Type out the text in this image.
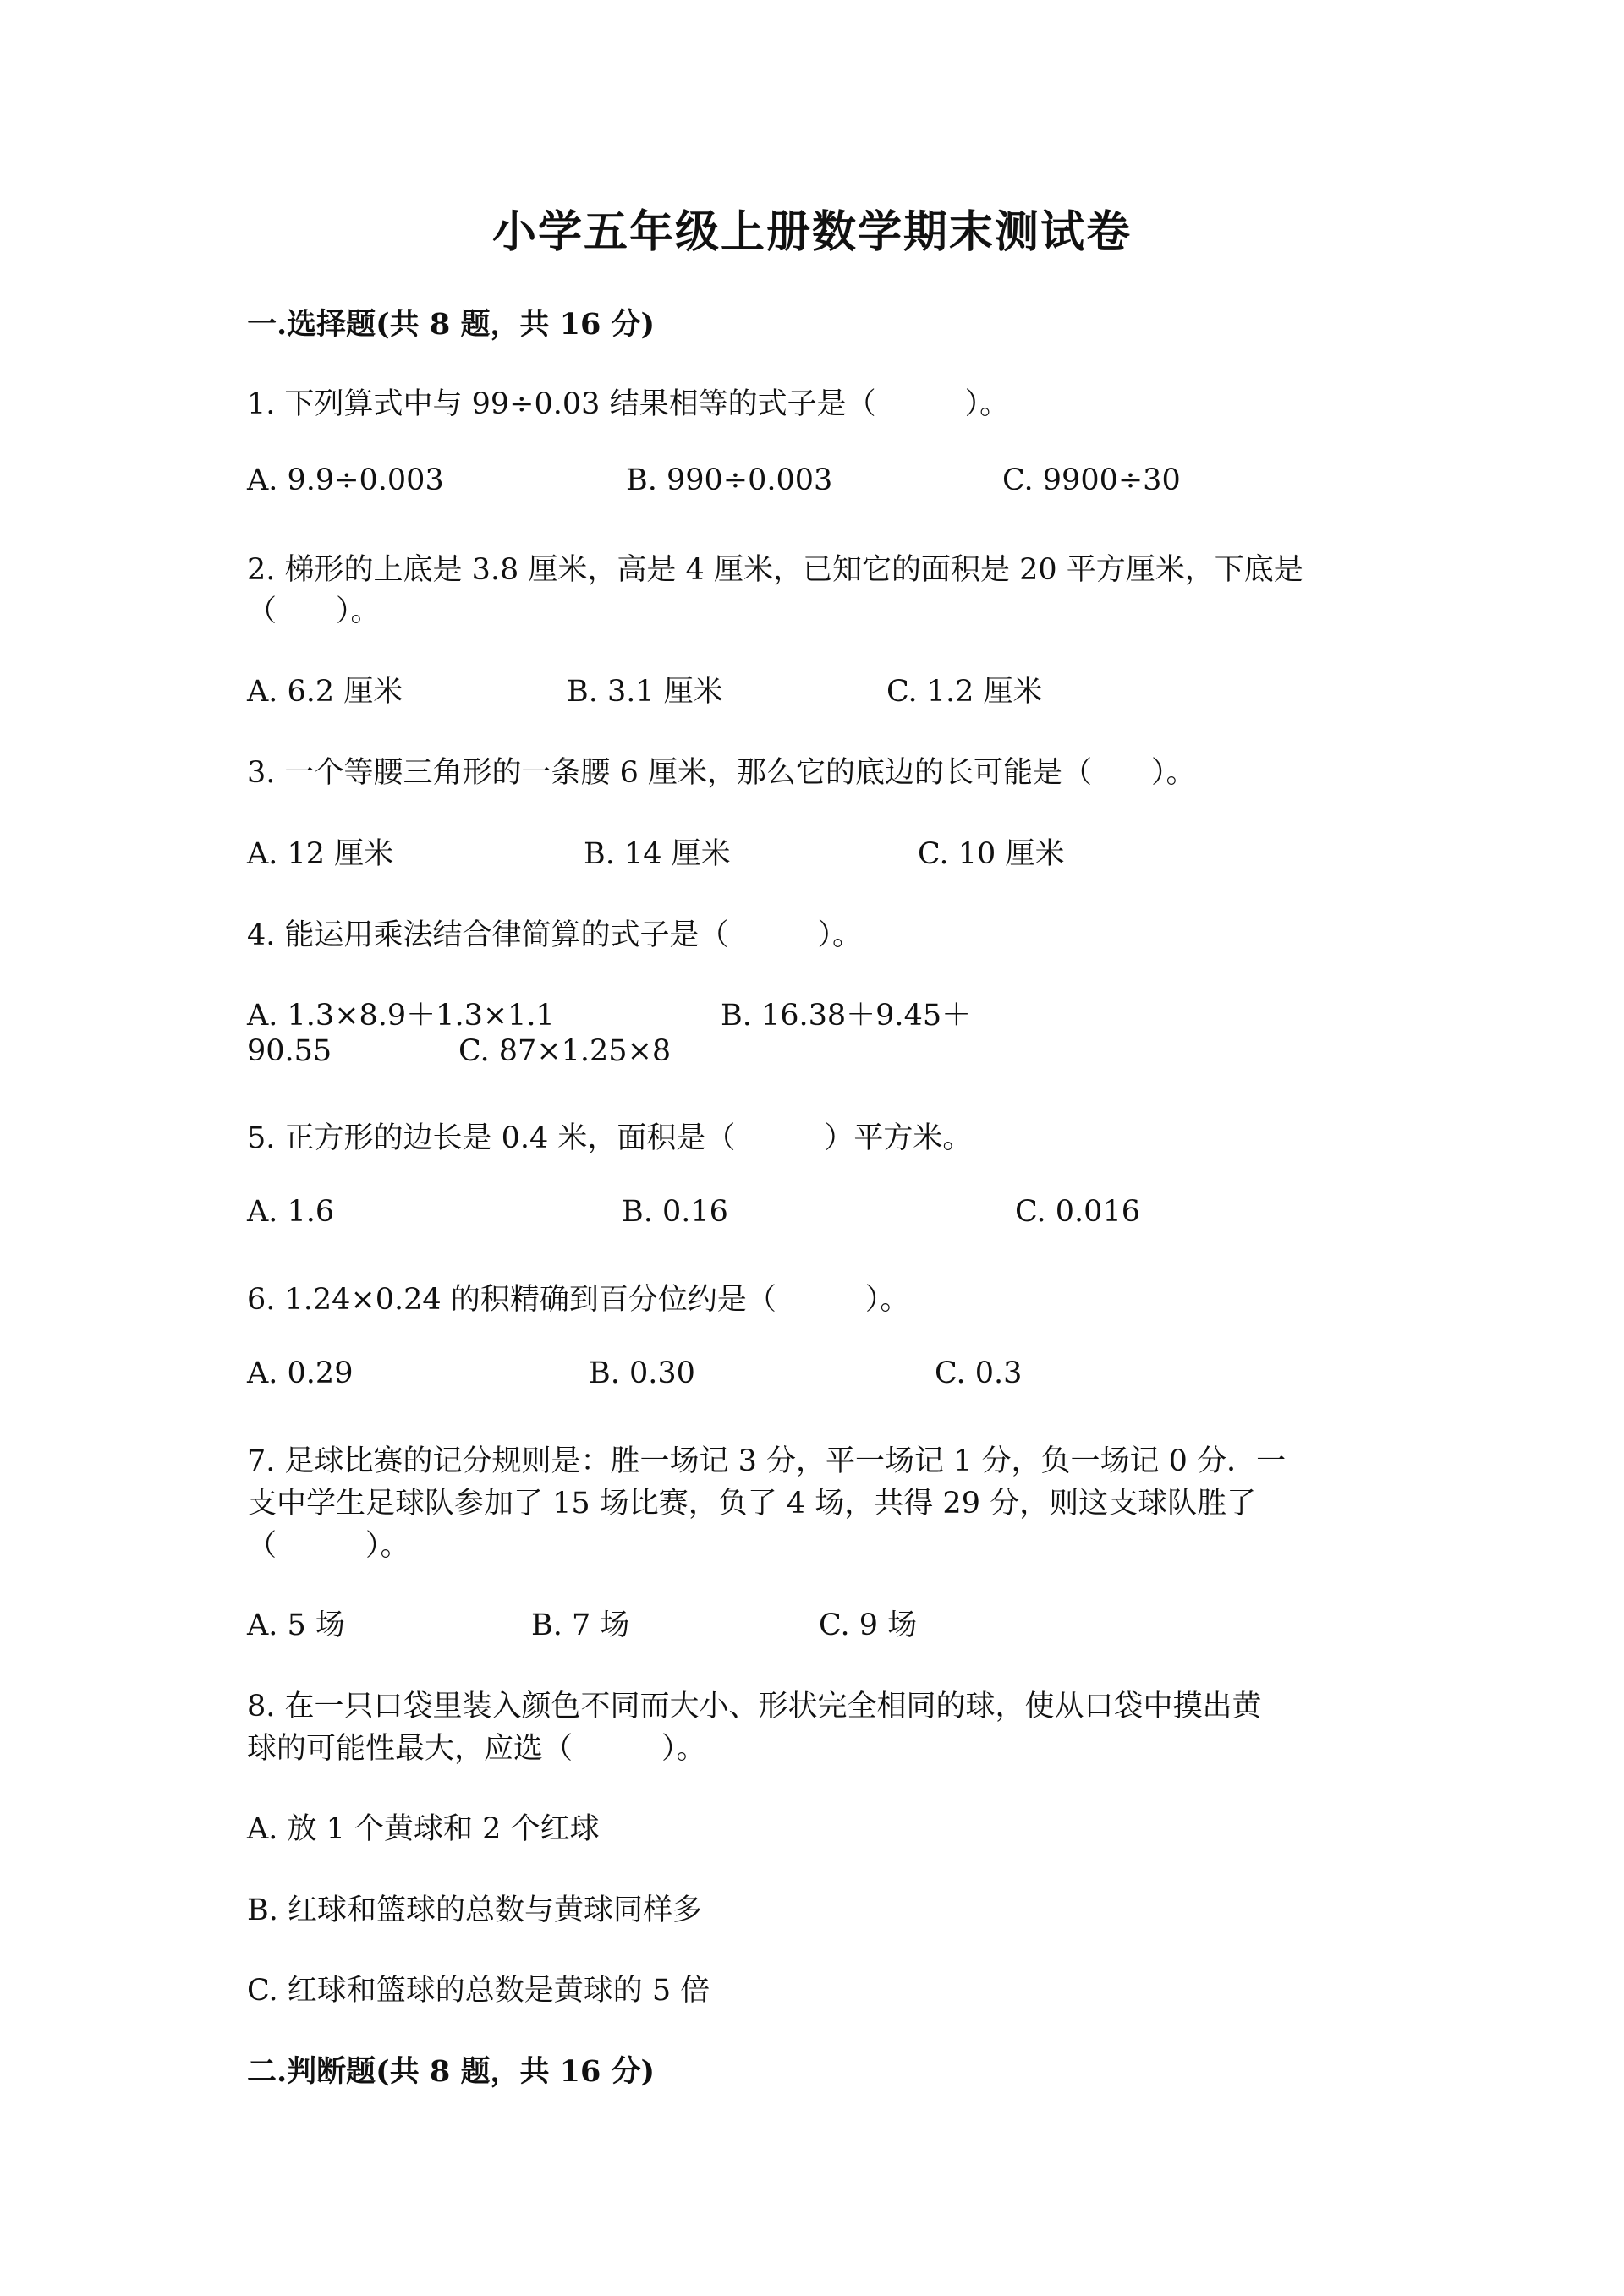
小学五年级上册数学期末测试卷
一.选择题(共 8 题，共 16 分)
1. 下列算式中与 99÷0.03 结果相等的式子是（　　　）。
A. 9.9÷0.003	B. 990÷0.003	C. 9900÷30
2. 梯形的上底是 3.8 厘米，高是 4 厘米，已知它的面积是 20 平方厘米，下底是
（　　）。
A. 6.2 厘米	B. 3.1 厘米	C. 1.2 厘米
3. 一个等腰三角形的一条腰 6 厘米，那么它的底边的长可能是（　　）。
A. 12 厘米	B. 14 厘米	C. 10 厘米
4. 能运用乘法结合律简算的式子是（　　　）。
A. 1.3×8.9＋1.3×1.1	B. 16.38＋9.45＋
90.55	C. 87×1.25×8
5. 正方形的边长是 0.4 米，面积是（　　　）平方米。
A. 1.6	B. 0.16	C. 0.016
6. 1.24×0.24 的积精确到百分位约是（　　　）。
A. 0.29	B. 0.30	C. 0.3
7. 足球比赛的记分规则是：胜一场记 3 分，平一场记 1 分，负一场记 0 分．一
支中学生足球队参加了 15 场比赛，负了 4 场，共得 29 分，则这支球队胜了
（　　　）。
A. 5 场	B. 7 场	C. 9 场
8. 在一只口袋里装入颜色不同而大小、形状完全相同的球，使从口袋中摸出黄
球的可能性最大，应选（　　　）。
A. 放 1 个黄球和 2 个红球
B. 红球和篮球的总数与黄球同样多
C. 红球和篮球的总数是黄球的 5 倍
二.判断题(共 8 题，共 16 分)
